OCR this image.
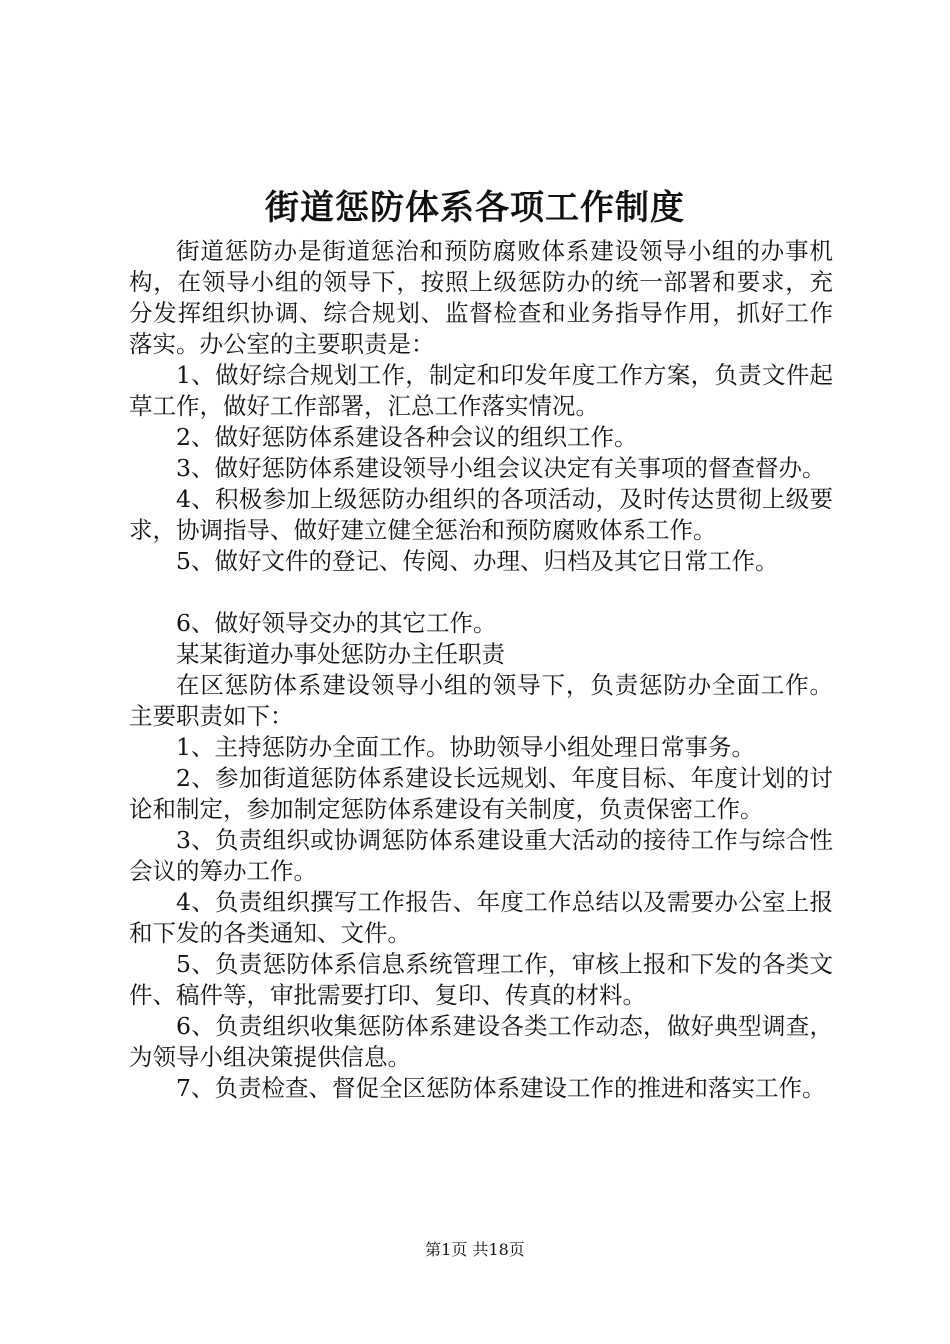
街道惩防体系各项工作制度

街道惩防办是街道惩治和预防腐败体系建设领导小组的办事机构，在领导小组的领导下，按照上级惩防办的统一部署和要求，充分发挥组织协调、综合规划、监督检查和业务指导作用，抓好工作落实。办公室的主要职责是：

1、做好综合规划工作，制定和印发年度工作方案，负责文件起草工作，做好工作部署，汇总工作落实情况。

2、做好惩防体系建设各种会议的组织工作。

3、做好惩防体系建设领导小组会议决定有关事项的督查督办。

4、积极参加上级惩防办组织的各项活动，及时传达贯彻上级要求，协调指导、做好建立健全惩治和预防腐败体系工作。

5、做好文件的登记、传阅、办理、归档及其它日常工作。

6、做好领导交办的其它工作。

某某街道办事处惩防办主任职责

在区惩防体系建设领导小组的领导下，负责惩防办全面工作。主要职责如下：

1、主持惩防办全面工作。协助领导小组处理日常事务。

2、参加街道惩防体系建设长远规划、年度目标、年度计划的讨论和制定，参加制定惩防体系建设有关制度，负责保密工作。

3、负责组织或协调惩防体系建设重大活动的接待工作与综合性会议的筹办工作。

4、负责组织撰写工作报告、年度工作总结以及需要办公室上报和下发的各类通知、文件。

5、负责惩防体系信息系统管理工作，审核上报和下发的各类文件、稿件等，审批需要打印、复印、传真的材料。

6、负责组织收集惩防体系建设各类工作动态，做好典型调查，为领导小组决策提供信息。

7、负责检查、督促全区惩防体系建设工作的推进和落实工作。

第1页 共18页
